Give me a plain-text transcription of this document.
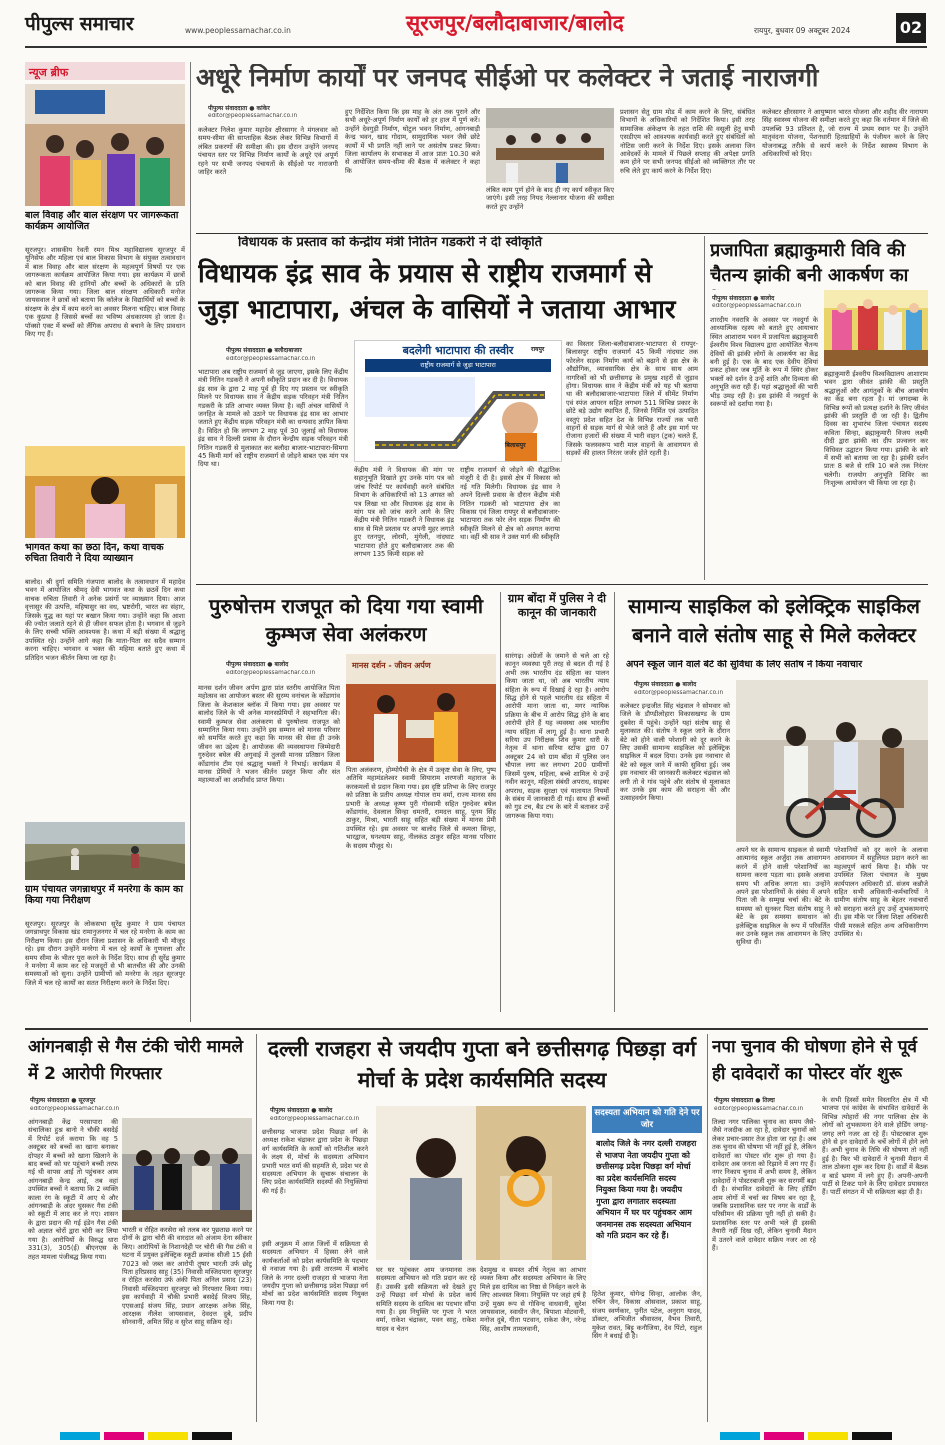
पीपुल्स समाचार	www.peoplessamachar.co.in	सूरजपुर/बलौदाबाजार/बालोद	रायपुर, बुधवार 09 अक्टूबर 2024	02
न्यूज ब्रीफ
बाल विवाह और बाल संरक्षण पर जागरूकता कार्यक्रम आयोजित
सूरजपुर। शासकीय रेवती रमन मिश्र महाविद्यालय सूरजपुर में यूनिसेफ और महिला एवं बाल विकास विभाग के संयुक्त तत्वावधान में बाल विवाह और बाल संरक्षण के महत्वपूर्ण विषयों पर एक जागरूकता कार्यक्रम आयोजित किया गया। इस कार्यक्रम में छात्रों को बाल विवाह की हानियों और बच्चों के अधिकारों के प्रति जागरूक किया गया। जिला बाल संरक्षण अधिकारी मनोज जायसवाल ने छात्रों को बताया कि कॉलेज के विद्यार्थियों को बच्चों के संरक्षण के क्षेत्र में काम करने का अवसर मिलना चाहिए। बाल विवाह एक कुप्रथा है जिससे बच्चों का भविष्य अंधकारमय हो जाता है। पॉक्सो एक्ट में बच्चों को लैंगिक अपराध से बचाने के लिए प्रावधान किए गए हैं।
भागवत कथा का छठा दिन, कथा वाचक रुचिता तिवारी ने दिया व्याख्यान
बालोद। श्री दुर्गा समिति गंजपारा बालोद के तत्वावधान में महादेव भवन में आयोजित श्रीमद् देवी भागवत कथा के छठवें दिन कथा वाचक रुचिता तिवारी ने अनेक प्रसंगों पर व्याख्यान दिया। आज वृत्तासुर की उत्पत्ति, महिषासुर का वध, भ्रष्टरोगी, भारत का संहार, जिसके युद्ध का यहां पर बखान किया गया। उन्होंने कहा कि आशा की ज्योत जलाते रहने से ही जीवन सफल होता है। भगवान से जुड़ने के लिए सच्ची भक्ति आवश्यक है। कथा में बड़ी संख्या में श्रद्धालु उपस्थित रहे। उन्होंने आगे कहा कि माता-पिता का सदैव सम्मान करना चाहिए। भगवान व भक्त की महिमा बताते हुए कथा में प्रतिदिन भजन कीर्तन किया जा रहा है।
ग्राम पंचायत जगन्नाथपुर में मनरेगा के काम का किया गया निरीक्षण
सूरजपुर। सूरजपुर के लोकसभा सुरेंद्र कुमार ने ग्राम पंचायत जगन्नाथपुर विकास खंड रामानुजनगर में चल रहे मनरेगा के काम का निरीक्षण किया। इस दौरान जिला प्रशासन के अधिकारी भी मौजूद रहे। इस दौरान उन्होंने मनरेगा में चल रहे कार्यों के गुणवत्ता और समय सीमा के भीतर पूरा करने के निर्देश दिए। साथ ही सुरेंद्र कुमार ने मनरेगा में काम कर रहे मजदूरों से भी बातचीत की और उनकी समस्याओं को सुना। उन्होंने ग्रामीणों को मनरेगा के तहत सूरजपुर जिले में चल रहे कार्यों का सतत निरीक्षण करने के निर्देश दिए।
अधूरे निर्माण कार्यों पर जनपद सीईओ पर कलेक्टर ने जताई नाराजगी
पीपुल्स संवाददाता ● कांकेर
editor@peoplessamachar.co.in
कलेक्टर निलेश कुमार महादेव क्षीरसागर ने मंगलवार को समय-सीमा की साप्ताहिक बैठक लेकर विभिन्न विभागों में लंबित प्रकरणों की समीक्षा की। इस दौरान उन्होंने जनपद पंचायत स्तर पर विभिन्न निर्माण कार्यों के अधूरे एवं अपूर्ण रहने पर सभी जनपद पंचायतों के सीईओ पर नाराजगी जाहिर करते
हुए निर्देशित किया कि इस माह के अंत तक पुराने और सभी अधूरे-अपूर्ण निर्माण कार्यों को हर हाल में पूर्ण करें। उन्होंने देवगुड़ी निर्माण, घोटुल भवन निर्माण, आंगनबाड़ी केन्द्र भवन, खाद गोदाम, सामुदायिक भवन जैसे छोटे कार्यों में भी प्रगति नहीं लाने पर असंतोष प्रकट किया। जिला कार्यालय के सभाकक्ष में आज प्रातः 10.30 बजे से आयोजित समय-सीमा की बैठक में कलेक्टर ने कहा कि
लंबित काम पूर्ण होने के बाद ही नए कार्य स्वीकृत किए जाएंगे। इसी तरह नियद नेल्लानार योजना की समीक्षा करते हुए उन्होंने
प्रशासन सेतु ग्राम मोड में काम करने के लिए, संबंधित विभागों के अधिकारियों को निर्देशित किया। इसी तरह सामाजिक अंकेक्षण के तहत राशि की वसूली हेतु सभी एसडीएम को आवश्यक कार्यवाही करते हुए संबंधितों को नोटिस जारी करने के निर्देश दिए। इसके अलावा जिन आवेदकों के मामले में पिछले सप्ताह की अपेक्षा प्रगति कम होने पर सभी जनपद सीईओ को व्यक्तिगत तौर पर रुचि लेते हुए कार्य करने के निर्देश दिए।
कलेक्टर क्षीरसागर ने आयुष्मान भारत योजना और शहीद वीर नारायण सिंह स्वास्थ्य योजना की समीक्षा करते हुए कहा कि वर्तमान में जिले की उपलब्धि 93 प्रतिशत है, जो राज्य में प्रथम स्थान पर है। उन्होंने मातृवंदना योजना, पेंशनधारी हितग्राहियों के पंजीयन करने के लिए योजनाबद्ध तरीके से कार्य करने के निर्देश स्वास्थ्य विभाग के अधिकारियों को दिए।
विधायक के प्रस्ताव को केन्द्रीय मंत्री नितिन गडकरी ने दी स्वीकृति
विधायक इंद्र साव के प्रयास से राष्ट्रीय राजमार्ग से जुड़ा भाटापारा, अंचल के वासियों ने जताया आभार
पीपुल्स संवाददाता ● बलौदाबाजार
editor@peoplessamachar.co.in
भाटापारा अब राष्ट्रीय राजमार्ग से जुड़ जाएगा, इसके लिए केंद्रीय मंत्री नितिन गडकरी ने अपनी स्वीकृति प्रदान कर दी है। विधायक इंद्र साव के द्वारा 2 माह पूर्व ही दिए गए प्रस्ताव पर स्वीकृति मिलने पर विधायक साव ने केंद्रीय सड़क परिवहन मंत्री नितिन गडकरी के प्रति आभार व्यक्त किया है। वहीं अंचल वासियों ने जनहित के मामले को उठाने पर विधायक इंद्र साव का आभार जताते हुए केंद्रीय सड़क परिवहन मंत्री का धन्यवाद ज्ञापित किया है। विदित हो कि लगभग 2 माह पूर्व 30 जुलाई को विधायक इंद्र साव ने दिल्ली प्रवास के दौरान केन्द्रीय सड़क परिवहन मंत्री नितिन गडकरी से मुलाकात कर बलौदा बाजार-भाटापारा-सिमगा 45 किमी मार्ग को राष्ट्रीय राजमार्ग से जोड़ने बाबत एक मांग पत्र दिया था।
बदलेगी भाटापारा की तस्वीर
राष्ट्रीय राजमार्ग से जुड़ा भाटापारा
बिलासपुर
रायपुर
केंद्रीय मंत्री ने विधायक की मांग पर सहानुभूति दिखाते हुए उनके मांग पत्र को जांच रिपोर्ट पर कार्यवाही करने संबंधित विभाग के अधिकारियों को 13 अगस्त को पत्र लिखा था और विधायक इंद्र साव के मांग पत्र को जांच करने आगे के लिए केंद्रीय मंत्री नितिन गडकरी ने विधायक इंद्र साव से मिले प्रस्ताव पर अपनी मुहर लगाते हुए रतनपुर, लोरमी, मुंगेली, नांदघाट भाटापारा होते हुए बलौदाबाजार तक की लगभग 135 किमी सड़क को
राष्ट्रीय राजमार्ग से जोड़ने की सैद्धांतिक मंजूरी दे दी है। इससे क्षेत्र में विकास को नई गति मिलेगी। विधायक इंद्र साव ने अपने दिल्ली प्रवास के दौरान केंद्रीय मंत्री नितिन गडकरी को भाटापारा क्षेत्र का विकास एवं जिला रायपुर से बलौदाबाजार-भाटापारा तक फोर लेन सड़क निर्माण की स्वीकृति मिलने से क्षेत्र को अवगत कराया था। वहीं श्री साव ने उक्त मार्ग की स्वीकृति
का विस्तार जिला-बलौदाबाजार-भाटापारा से रायपुर-बिलासपुर राष्ट्रीय राजमार्ग 45 किमी नांदघाट तक फोरलेन सड़क निर्माण कार्य को बढ़ाने से इस क्षेत्र के औद्योगिक, व्यावसायिक क्षेत्र के साथ साथ आम नागरिकों को भी छत्तीसगढ़ के प्रमुख शहरों से जुड़ाव होगा। विधायक साव ने केंद्रीय मंत्री को यह भी बताया था की बलौदाबाजार-भाटापारा जिले में सीमेंट निर्माण एवं स्पंज आयरन सहित लगभग 511 विभिन्न प्रकार के छोटे बड़े उद्योग स्थापित हैं, जिनसे निर्मित एवं उत्पादित वस्तुएं प्रदेश सहित देश के विभिन्न राज्यों तक भारी वाहनों से सड़क मार्ग से भेजे जाते हैं और इस मार्ग पर रोजाना हजारों की संख्या में भारी वाहन (ट्रक) चलते हैं, जिसके फलस्वरूप भारी माल वाहनों के आवागमन से सड़कों की हालत निरंतर जर्जर होते रहती है।
प्रजापिता ब्रह्माकुमारी विवि की चैतन्य झांकी बनी आकर्षण का
पीपुल्स संवाददाता ● बालोद
editor@peoplessamachar.co.in
शारदीय नवरात्रि के अवसर पर नवदुर्गा के आध्यात्मिक रहस्य को बताते हुए आयाचार स्थित आशाराम भवन में प्रजापिता ब्रह्माकुमारी ईश्वरीय विश्व विद्यालय द्वारा आयोजित चैतन्य देवियों की झांकी लोगों के आकर्षण का केंद्र बनी हुई है। एक के बाद एक देवीय देवियां प्रकट होकर जब मूर्ति के रूप में स्थिर होकर भक्तों को दर्शन दे उन्हें शांति और दिव्यता की अनुभूति करा रही हैं। यहां श्रद्धालुओं की भारी भीड़ उमड़ रही है। इस झांकी में नवदुर्गा के स्वरूपों को दर्शाया गया है।
ब्रह्माकुमारी ईश्वरीय विश्वविद्यालय आशाराम भवन द्वारा जीवंत झांकी की प्रस्तुति श्रद्धालुओं और आगंतुकों के बीच आकर्षण का केंद्र बना रहता है। मां जगदम्बा के विभिन्न रूपों को प्रत्यक्ष दर्शाने के लिए जीवंत झांकी की प्रस्तुति दी जा रही है। द्वितीय दिवस का शुभारंभ जिला पंचायत सदस्य कविता सिन्हा, ब्रह्माकुमारी विजय लक्ष्मी दीदी द्वारा झांकी का दीप प्रज्वलन कर विधिवत उद्घाटन किया गया। झांकी के बारे में सभी को बताया जा रहा है। झांकी दर्शन प्रातः 8 बजे से रात्रि 10 बजे तक निरंतर चलेगी। राजयोग अनुभूति शिविर का निःशुल्क आयोजन भी किया जा रहा है।
पुरुषोत्तम राजपूत को दिया गया स्वामी कुम्भज सेवा अलंकरण
पीपुल्स संवाददाता ● बालोद
editor@peoplessamachar.co.in
मानस दर्शन जीवन अर्पण द्वारा प्रांत स्तरीय आयोजित पिता महोत्सव का आयोजन बस्तर की सुरम्य वनांचल के कोंडागांव जिला के केशकाल ब्लॉक में किया गया। इस अवसर पर बालोद जिले के भी अनेक मानसप्रेमियों ने सहभागिता की। स्वामी कुम्भज सेवा अलंकरण से पुरुषोत्तम राजपूत को सम्मानित किया गया। उन्होंने इस सम्मान को मानस परिवार को समर्पित करते हुए कहा कि मानस की सेवा ही उनके जीवन का उद्देश्य है। आयोजक की व्यवस्थापना जिम्मेदारी गुरुदेवर बघेल की अगुवाई में तुलसी मानस प्रतिष्ठान जिला कोंडागांव टीम एवं श्रद्धालु भक्तों ने निभाई। कार्यक्रम में मानस प्रेमियों ने भजन कीर्तन प्रस्तुत किया और संत महात्माओं का आशीर्वाद प्राप्त किया।
मानस दर्शन - जीवन अर्पण
पिता अलंकरण, होम्योपैथी के क्षेत्र में उत्कृष्ट सेवा के लिए, पुष्प अतिथि महामंडलेश्वर स्वामी सियाराम शरणजी महाराज के करकमलों से प्रदान किया गया। इस दृष्टि प्रतिभा के लिए राजपुर को प्रतिष्ठा के प्रतीय अध्यक्ष गोपाल राम वर्मा, राज्य मानस संघ प्रभारी के अध्यक्ष कृष्ण पुरी गोस्वामी सहित गुरुदेवर बघेल कोंडागांव, देवलाल सिन्हा धमतरी, रामदत्त साहू, पूनम सिंह ठाकुर, मिश्रा, भारती साहू सहित बड़ी संख्या में मानस प्रेमी उपस्थित रहे। इस अवसर पर बालोद जिले से कमला सिन्हा, भारद्वाज, घनश्याम साहू, नीलकंठ ठाकुर सहित मानस परिवार के सदस्य मौजूद थे।
ग्राम बोंदा में पुलिस ने दी कानून की जानकारी
सारंगढ़। अंग्रेजों के जमाने से चले आ रहे कानून व्यवस्था पूरी तरह से बदल दी गई है अभी तक भारतीय दंड संहिता का पालन किया जाता था, जो अब भारतीय न्याय संहिता के रूप में दिखाई दे रहा है। आरोप सिद्ध होने से पहले भारतीय दंड संहिता में आरोपी माना जाता था, मगर न्यायिक प्रक्रिया के बीच में आरोप सिद्ध होने के बाद आरोपी होते हैं यह व्यवस्था अब भारतीय न्याय संहिता में लागू हुई है। थाना प्रभारी सरिया उप निरीक्षक शिव कुमार धारी के नेतृत्व में थाना सरिया स्टॉफ द्वारा 07 अक्टूबर 24 को ग्राम बोंदा में पुलिस जन चौपाल लगा कर लगभग 200 ग्रामीणों जिसमें पुरुष, महिला, बच्चे शामिल थे उन्हें नवीन कानून, महिला संबंधी अपराध, साइबर अपराध, सड़क सुरक्षा एवं यातायात नियमों के संबंध में जानकारी दी गई। साथ ही बच्चों को गुड टच, बैड टच के बारे में बताकर उन्हें जागरूक किया गया।
सामान्य साइकिल को इलेक्ट्रिक साइकिल बनाने वाले संतोष साहू से मिले कलेक्टर
अपने स्कूल जाने वाले बेटे की सुविधा के लिए संतोष ने किया नवाचार
पीपुल्स संवाददाता ● बालोद
editor@peoplessamachar.co.in
कलेक्टर इन्द्रजीत सिंह चंद्रवाल ने सोमवार को जिले के डौण्डीलोहारा विकासखण्ड के ग्राम दुबवेरा में पहुंचे। उन्होंने यहां संतोष साहू से मुलाकात की। संतोष ने स्कूल जाने के दौरान बेटे को होने वाली परेशानी को दूर करने के लिए उसकी सामान्य साइकिल को इलेक्ट्रिक साइकिल में बदल दिया। उनके इस नवाचार से बेटे को स्कूल जाने में काफी सुविधा हुई। जब इस नवाचार की जानकारी कलेक्टर चंद्रवाल को लगी तो वे गांव पहुंचे और संतोष से मुलाकात कर उनके इस काम की सराहना की और उत्साहवर्धन किया।
अपने घर के सामान्य साइकल से स्वामी आत्मानंद स्कूल अर्जुंदा तक आवागमन करने में होने वाली परेशानियों का सामना करना पड़ता था। इसके अलावा समय भी अधिक लगता था। उन्होंने अपने इस परेशानियों के संबंध में अपने पिता जी के सम्मुख चर्चा की। बेटे के समस्या को सुनकर पिता संतोष साहू ने बेटे के इस समस्या समाधान को इलेक्ट्रिक साइकिल के रूप में परिवर्तित कर उनके स्कूल तक आवागमन के लिए सुविधा दी।
परेशानियों को दूर करने के अलावा आवागमन में सहूलियत प्रदान करने का महत्वपूर्ण कार्य किया है। मौके पर उपस्थित जिला पंचायत के मुख्य कार्यपालन अधिकारी डॉ. संजय कन्नौजे सहित सभी अधिकारी-कर्मचारियों ने ग्रामीण संतोष साहू के बेहतर नवाचारों को सराहना करते हुए उन्हें शुभकामनाएं दी। इस मौके पर जिला शिक्षा अधिकारी पीसी मरकले सहित अन्य अधिकारीगण उपस्थित थे।
आंगनबाड़ी से गैस टंकी चोरी मामले में 2 आरोपी गिरफ्तार
पीपुल्स संवाददाता ● सूरजपुर
editor@peoplessamachar.co.in
आंगनबाड़ी केंद्र परसापारा की संचालिका हुश्न बानो ने चौकी बसदेई में रिपोर्ट दर्ज कराया कि वह 5 अक्टूबर को बच्चों का खाना बनाकर दोपहर में बच्चों को खाना खिलाने के बाद बच्चों को घर पहुंचाने बच्ची तरफ गई थी वापस आई तो पहुंचकर आम आंगनबाड़ी केन्द्र आई, तब वहां उपस्थित बच्चों ने बताया कि 2 व्यक्ति काला रंग के स्कूटी में आए थे और आंगनबाड़ी के अंदर घुसकर गैस टंकी को स्कूटी में लाद कर ले गए। शासन के द्वारा प्रदान की गई इंडेन गैस टंकी को अज्ञात चोरों द्वारा चोरी कर लिया गया है। आरोपियों के विरुद्ध धारा 331(3), 305(ई) बीएनएस के तहत मामला पंजीबद्ध किया गया।
भारती व रोहित करसेरा को तलब कर पूछताछ करने पर दोनों के द्वारा चोरी की वारदात को अंजाम देना स्वीकार किए। आरोपियों के निशानदेही पर चोरी की गैस टंकी व घटना में प्रयुक्त इलेक्ट्रिक स्कूटी क्रमांक सीजी 15 ईसी 7023 को जब्त कर आरोपी तुषार भारती उर्फ छोटू पिता हरिप्रसाद साहू (35) निवासी मस्जिदपारा सूरजपुर व रोहित करसेरा उर्फ अंकी पिता अनिल प्रसाद (23) निवासी मस्जिदपारा सूरजपुर को गिरफ्तार किया गया। इस कार्यवाही में चौकी प्रभारी बसदेई विजय सिंह, एएसआई संजय सिंह, प्रधान आरक्षक अनेक सिंह, आरक्षक नीलेश जायसवाल, देवदत्त दुबे, प्रदीप सोनवानी, अमित सिंह व सुरेश साहू सक्रिय रहे।
दल्ली राजहरा से जयदीप गुप्ता बने छत्तीसगढ़ पिछड़ा वर्ग मोर्चा के प्रदेश कार्यसमिति सदस्य
पीपुल्स संवाददाता ● बालोद
editor@peoplessamachar.co.in
छत्तीसगढ़ भाजपा प्रदेश पिछड़ा वर्ग के अध्यक्ष राकेश चंद्राकर द्वारा प्रदेश के पिछड़ा वर्ग कार्यसमिति के कार्यों को गतिशील करने के लक्ष्य से, मोर्चा के सदस्यता अभियान प्रभारी भरत वर्मा की सहमति से, प्रदेश भर से सदस्यता अभियान के सुचारू संचालन के लिए प्रदेश कार्यसमिति सदस्यों की नियुक्तियां की गई हैं।
इसी अनुक्रम में आज जिलों में सक्रियता से सदस्यता अभियान में हिस्सा लेने वाले कार्यकर्ताओं को प्रदेश कार्यसमिति के पदभार से नवाजा गया है। इसी तारतम्य में बालोद जिले के नगर दल्ली राजहरा से भाजपा नेता जयदीप गुप्ता को छत्तीसगढ़ प्रदेश पिछड़ा वर्ग मोर्चा का प्रदेश कार्यसमिति सदस्य नियुक्त किया गया है।
घर घर पहुंचकर आम जनमानस तक सदस्यता अभियान को गति प्रदान कर रहे हैं। उसकी इसी सक्रियता को देखते हुए उन्हें पिछड़ा वर्ग मोर्चा के प्रदेश कार्य समिति सदस्य के दायित्व का पदभार सौंपा गया है। इस नियुक्ति पर गुप्ता ने भरत वर्मा, राकेश चंद्राकर, पवन साहू, राकेश यादव व चेतन
देशमुख व समस्त शीर्ष नेतृत्व का आभार व्यक्त किया और सदस्यता अभियान के लिए मिले इस दायित्व का निष्ठा से निर्वहन करने के लिए आश्वस्त किया। नियुक्ति पर जहां हर्ष है उन्हें मुख्य रूप से गोविन्द वाधवानी, सुरेश जायसवाल, स्वाधीन जैन, बिपाशा मोटवानी, मनोज दुबे, गीता पटवान, राकेश जैन, नरेन्द्र सिंह, आशीष तामलवानी,
सदस्यता अभियान को गति देने पर जोर
बालोद जिले के नगर दल्ली राजहरा से भाजपा नेता जयदीप गुप्ता को छत्तीसगढ़ प्रदेश पिछड़ा वर्ग मोर्चा का प्रदेश कार्यसमिति सदस्य नियुक्त किया गया है। जयदीप गुप्ता द्वारा लगातार सदस्यता अभियान में घर घर पहुंचकर आम जनमानस तक सदस्यता अभियान को गति प्रदान कर रहे हैं।
हितेश कुमार, योगेन्द्र सिन्हा, आलोक जैन, रुचिन जैन, विकास ओसवाल, प्रकाश साहू, संजय स्वर्णकार, पुनीत पटेल, अनुराग यादव, डॉक्टर, अभिजीत श्रीवास्तव, वैभव तिवारी, मुकेश रावत, बिट्टू कनौजिया, देव पिंटो, राहुल सिंग ने बधाई दी है।
नपा चुनाव की घोषणा होने से पूर्व ही दावेदारों का पोस्टर वॉर शुरू
पीपुल्स संवाददाता ● तिल्दा
editor@peoplessamachar.co.in
तिल्दा नगर पालिका चुनाव का समय जैसे-जैसे नजदीक आ रहा है, दावेदार चुनावों को लेकर प्रचार-प्रसार तेज होता जा रहा है। अब तक चुनाव की घोषणा भी नहीं हुई है, लेकिन दावेदारों का पोस्टर वॉर शुरू हो गया है। दावेदार अब जनता को रिझाने में लग गए हैं। नगर निकाय चुनाव में अभी समय है, लेकिन दावेदारों ने पोस्टरबाजी शुरू कर सरगर्मी बढ़ा दी है। संभावित दावेदारों के लिए होर्डिंग आम लोगों में चर्चा का विषय बन रहा है, जबकि प्रशासनिक स्तर पर नगर के वार्डों के परिसीमन की प्रक्रिया पूरी नहीं हो सकी है। प्रशासनिक स्तर पर अभी भले ही इसकी तैयारी नहीं दिख रही, लेकिन चुनावी मैदान में उतरने वाले दावेदार सक्रिय नजर आ रहे हैं।
के सभी हिस्सों समेत विस्तारित क्षेत्र में भी भाजपा एवं कांग्रेस के संभावित दावेदारों के विभिन्न त्योहारों की नगर पालिका क्षेत्र के लोगों को शुभकामना देने वाले होर्डिंग जगह-जगह लगे नजर आ रहे हैं। पोस्टरबाज शुरू होने से इन दावेदारों के चर्चे लोगों में होने लगे हैं। अभी चुनाव के तिथि की घोषणा तो नहीं हुई है। फिर भी दावेदारों ने चुनावी मैदान में ताल ठोकना शुरू कर दिया है। वार्डों में बैठक व बार्ड भ्रमण में लगे हुए हैं। अपनी-अपनी पार्टी से टिकट पाने के लिए दावेदार प्रयासरत हैं। पार्टी संगठन में भी सक्रियता बढ़ा दी है।
